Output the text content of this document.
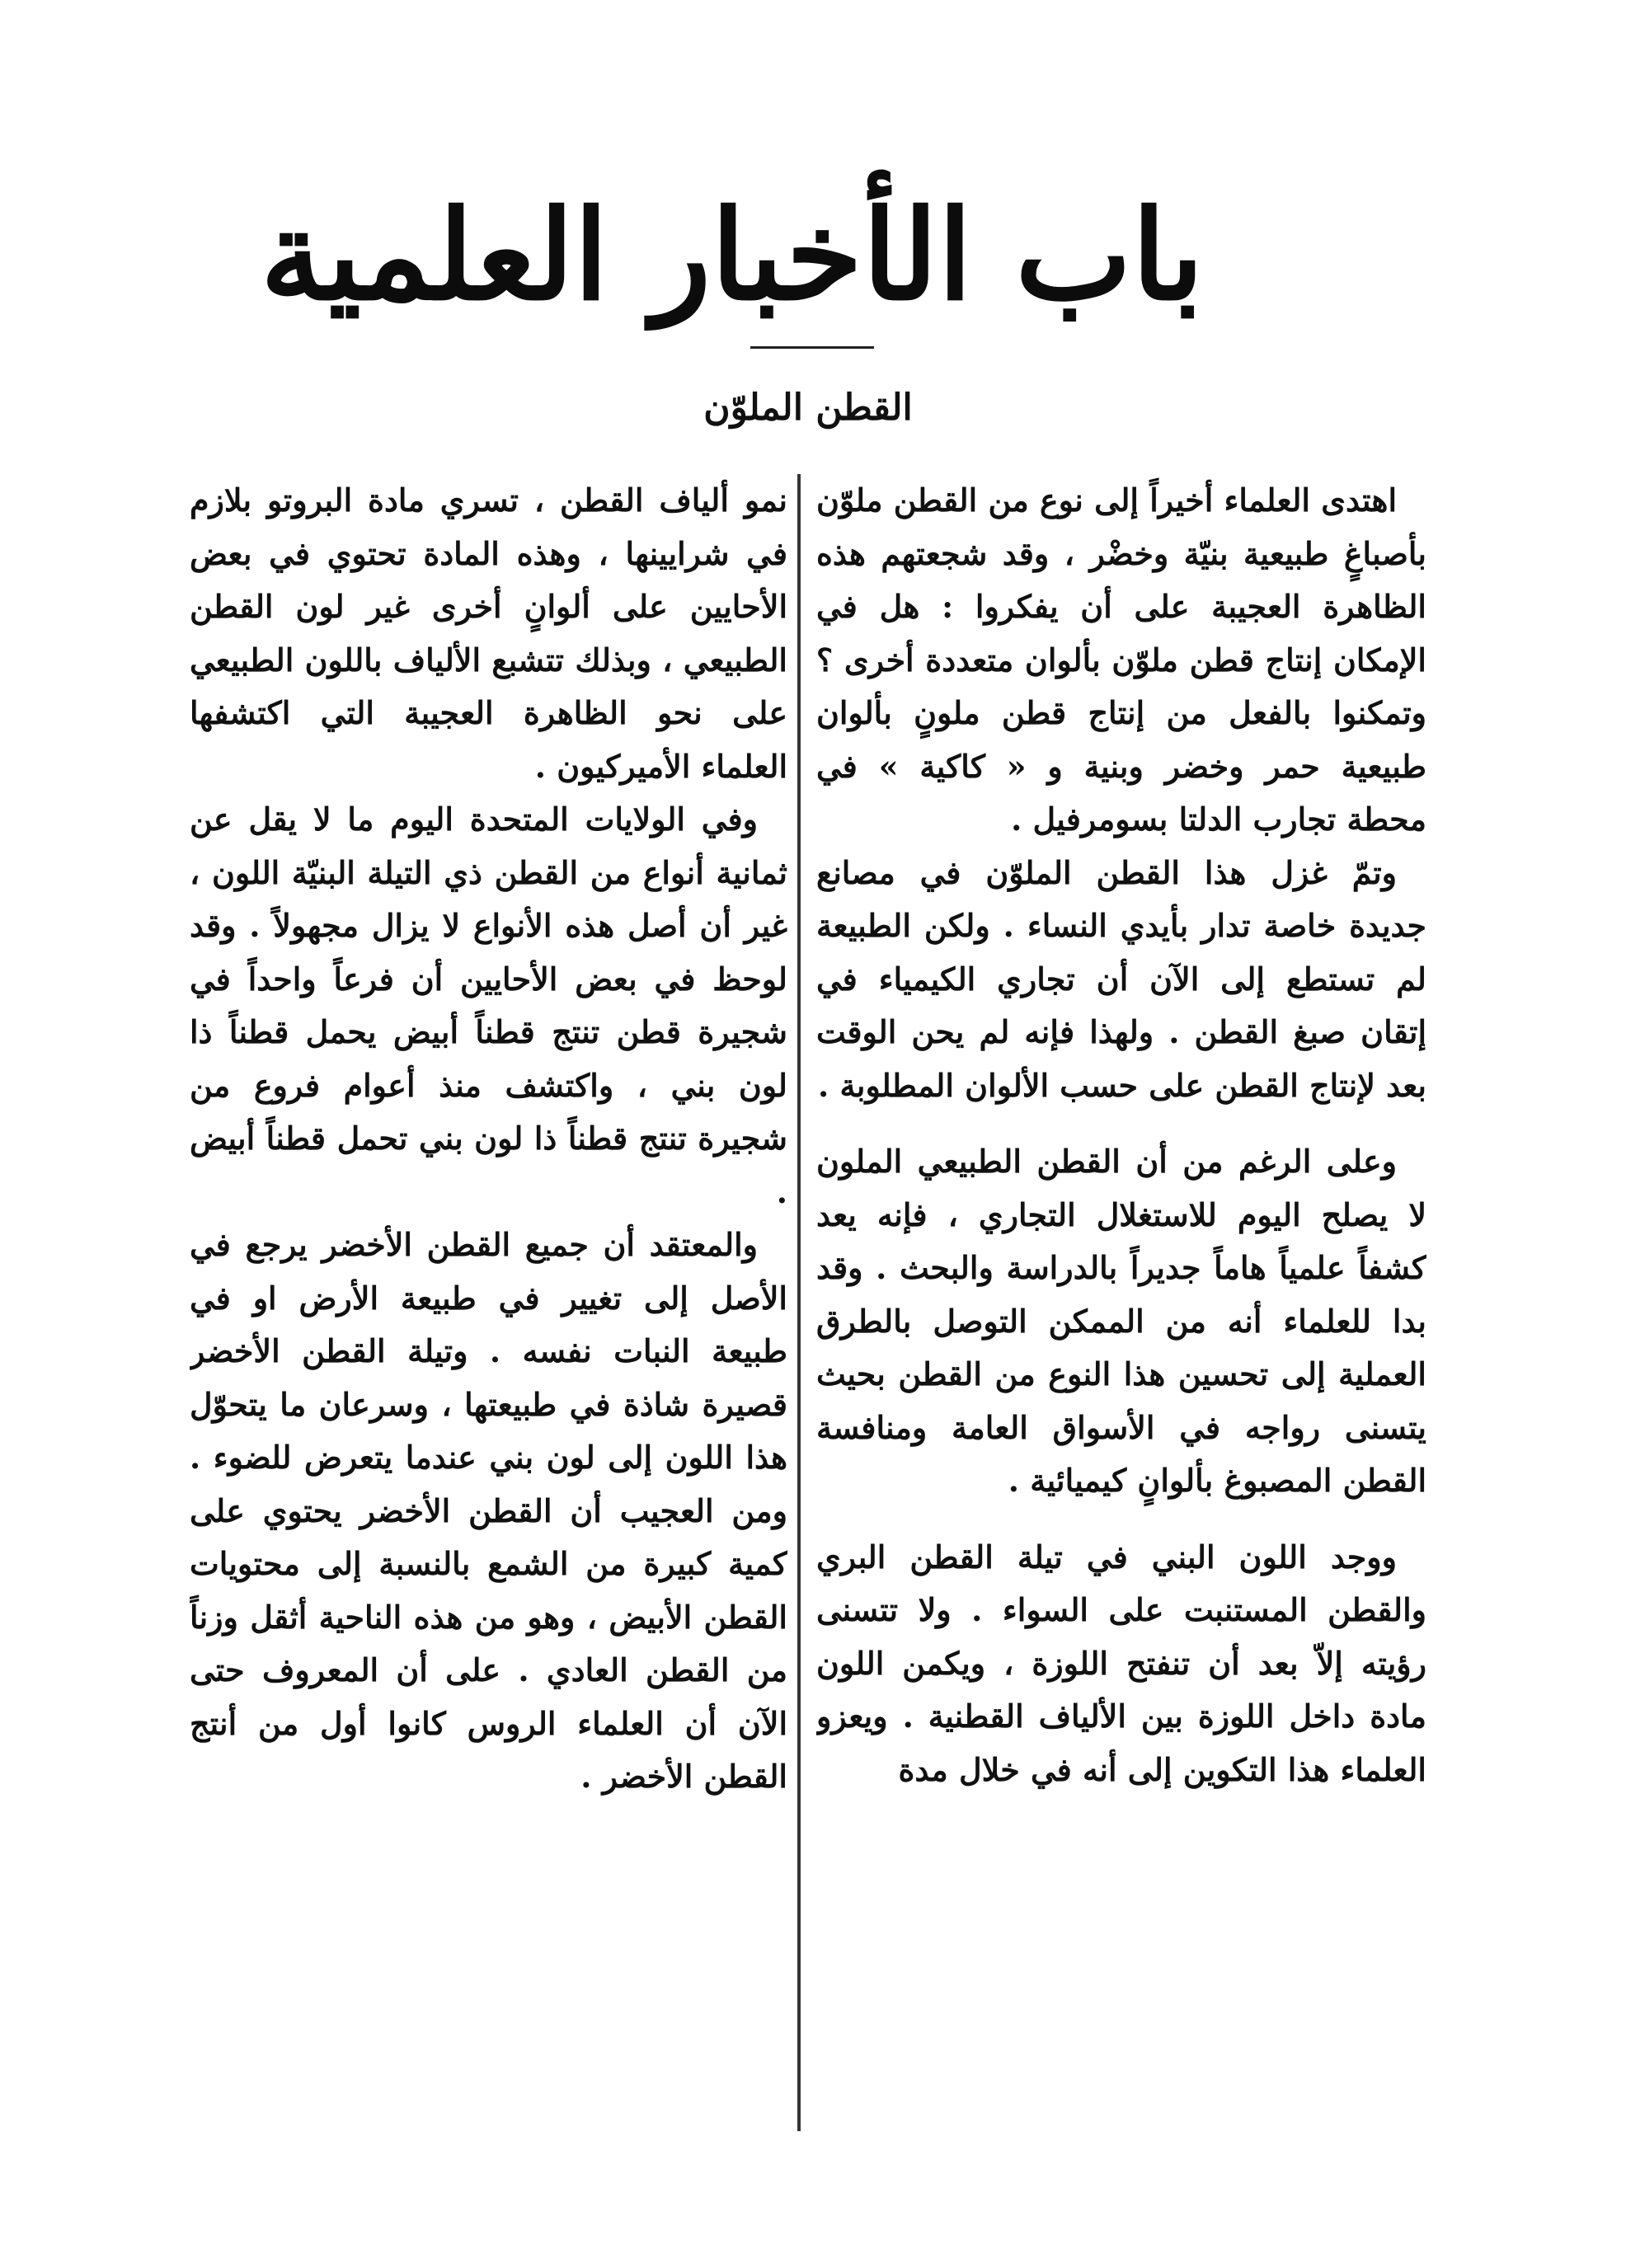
باب الأخبار العلمية
القطن الملوّن

اهتدى العلماء أخيراً إلى نوع من القطن ملوّن بأصباغٍ طبيعية بنيّة وخضْر ، وقد شجعتهم هذه الظاهرة العجيبة على أن يفكروا : هل في الإمكان إنتاج قطن ملوّن بألوان متعددة أخرى ؟ وتمكنوا بالفعل من إنتاج قطن ملونٍ بألوان طبيعية حمر وخضر وبنية و « كاكية » في محطة تجارب الدلتا بسومرفيل .

وتمّ غزل هذا القطن الملوّن في مصانع جديدة خاصة تدار بأيدي النساء . ولكن الطبيعة لم تستطع إلى الآن أن تجاري الكيمياء في إتقان صبغ القطن . ولهذا فإنه لم يحن الوقت بعد لإنتاج القطن على حسب الألوان المطلوبة .

وعلى الرغم من أن القطن الطبيعي الملون لا يصلح اليوم للاستغلال التجاري ، فإنه يعد كشفاً علمياً هاماً جديراً بالدراسة والبحث . وقد بدا للعلماء أنه من الممكن التوصل بالطرق العملية إلى تحسين هذا النوع من القطن بحيث يتسنى رواجه في الأسواق العامة ومنافسة القطن المصبوغ بألوانٍ كيميائية .

ووجد اللون البني في تيلة القطن البري والقطن المستنبت على السواء . ولا تتسنى رؤيته إلاّ بعد أن تنفتح اللوزة ، ويكمن اللون مادة داخل اللوزة بين الألياف القطنية . ويعزو العلماء هذا التكوين إلى أنه في خلال مدة

نمو ألياف القطن ، تسري مادة البروتو بلازم في شرايينها ، وهذه المادة تحتوي في بعض الأحايين على ألوانٍ أخرى غير لون القطن الطبيعي ، وبذلك تتشبع الألياف باللون الطبيعي على نحو الظاهرة العجيبة التي اكتشفها العلماء الأميركيون .

وفي الولايات المتحدة اليوم ما لا يقل عن ثمانية أنواع من القطن ذي التيلة البنيّة اللون ، غير أن أصل هذه الأنواع لا يزال مجهولاً . وقد لوحظ في بعض الأحايين أن فرعاً واحداً في شجيرة قطن تنتج قطناً أبيض يحمل قطناً ذا لون بني ، واكتشف منذ أعوام فروع من شجيرة تنتج قطناً ذا لون بني تحمل قطناً أبيض .

والمعتقد أن جميع القطن الأخضر يرجع في الأصل إلى تغيير في طبيعة الأرض او في طبيعة النبات نفسه . وتيلة القطن الأخضر قصيرة شاذة في طبيعتها ، وسرعان ما يتحوّل هذا اللون إلى لون بني عندما يتعرض للضوء . ومن العجيب أن القطن الأخضر يحتوي على كمية كبيرة من الشمع بالنسبة إلى محتويات القطن الأبيض ، وهو من هذه الناحية أثقل وزناً من القطن العادي . على أن المعروف حتى الآن أن العلماء الروس كانوا أول من أنتج القطن الأخضر .
